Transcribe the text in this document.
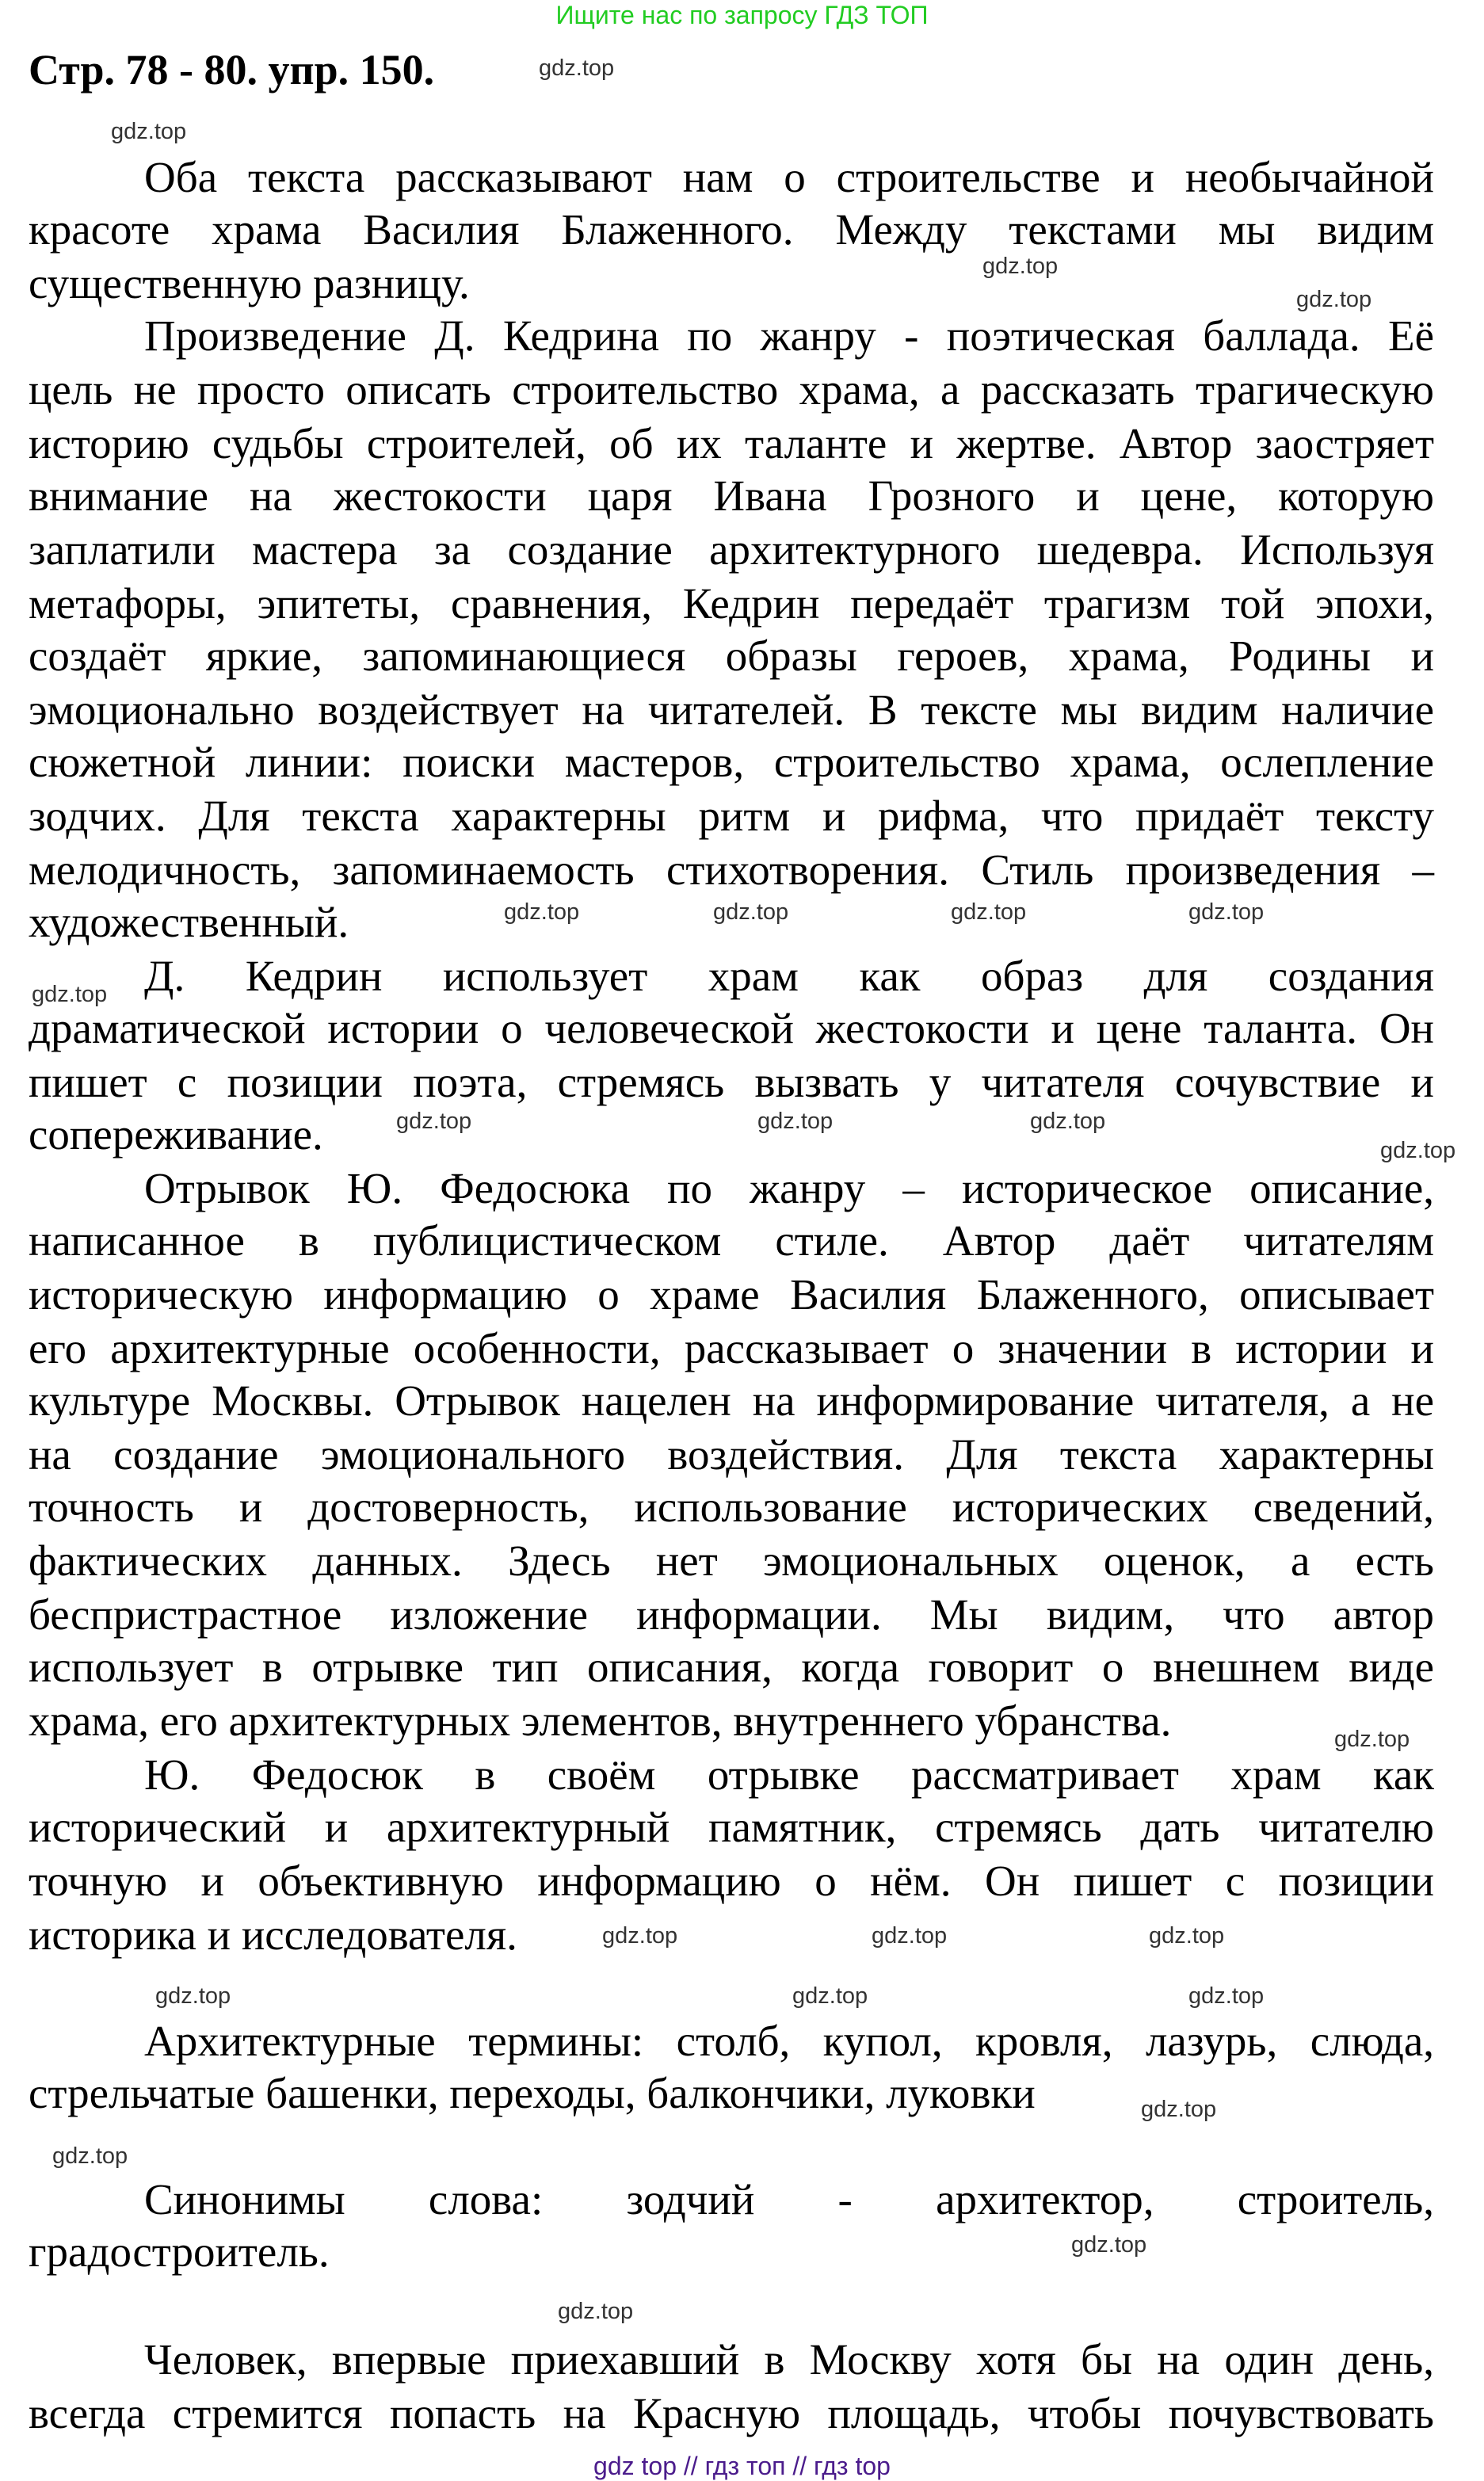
Ищите нас по запросу ГДЗ ТОП
Стр. 78 - 80. упр. 150.
Оба текста рассказывают нам о строительстве и необычайной
красоте храма Василия Блаженного. Между текстами мы видим
существенную разницу.
Произведение Д. Кедрина по жанру - поэтическая баллада. Её
цель не просто описать строительство храма, а рассказать трагическую
историю судьбы строителей, об их таланте и жертве. Автор заостряет
внимание на жестокости царя Ивана Грозного и цене, которую
заплатили мастера за создание архитектурного шедевра. Используя
метафоры, эпитеты, сравнения, Кедрин передаёт трагизм той эпохи,
создаёт яркие, запоминающиеся образы героев, храма, Родины и
эмоционально воздействует на читателей. В тексте мы видим наличие
сюжетной линии: поиски мастеров, строительство храма, ослепление
зодчих. Для текста характерны ритм и рифма, что придаёт тексту
мелодичность, запоминаемость стихотворения. Стиль произведения –
художественный.
Д. Кедрин использует храм как образ для создания
драматической истории о человеческой жестокости и цене таланта. Он
пишет с позиции поэта, стремясь вызвать у читателя сочувствие и
сопереживание.
Отрывок Ю. Федосюка по жанру – историческое описание,
написанное в публицистическом стиле. Автор даёт читателям
историческую информацию о храме Василия Блаженного, описывает
его архитектурные особенности, рассказывает о значении в истории и
культуре Москвы. Отрывок нацелен на информирование читателя, а не
на создание эмоционального воздействия. Для текста характерны
точность и достоверность, использование исторических сведений,
фактических данных. Здесь нет эмоциональных оценок, а есть
беспристрастное изложение информации. Мы видим, что автор
использует в отрывке тип описания, когда говорит о внешнем виде
храма, его архитектурных элементов, внутреннего убранства.
Ю. Федосюк в своём отрывке рассматривает храм как
исторический и архитектурный памятник, стремясь дать читателю
точную и объективную информацию о нём. Он пишет с позиции
историка и исследователя.
Архитектурные термины: столб, купол, кровля, лазурь, слюда,
стрельчатые башенки, переходы, балкончики, луковки
Синонимы слова: зодчий - архитектор, строитель,
градостроитель.
Человек, впервые приехавший в Москву хотя бы на один день,
всегда стремится попасть на Красную площадь, чтобы почувствовать
gdz.top
gdz.top
gdz.top
gdz.top
gdz.top	gdz.top	gdz.top
gdz.top
gdz.top
gdz.top
gdz.top
gdz.top
gdz.top
gdz.top	gdz.top
gdz.top
gdz.top
gdz.top
gdz.top
gdz.top
gdz.top
gdz.top
gdz.top
gdz.top
gdz top // гдз топ // гдз top
